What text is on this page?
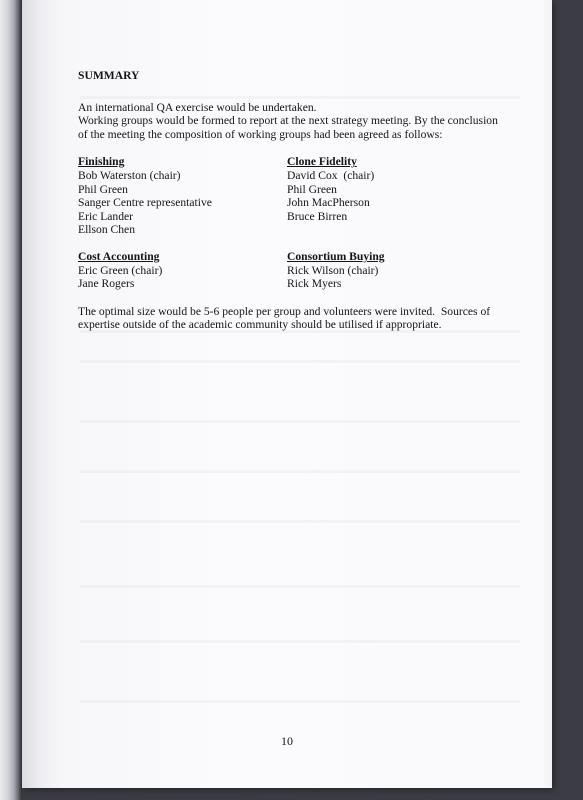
SUMMARY

An international QA exercise would be undertaken.
Working groups would be formed to report at the next strategy meeting. By the conclusion of the meeting the composition of working groups had been agreed as follows:

Finishing
Bob Waterston (chair)
Phil Green
Sanger Centre representative
Eric Lander
Ellson Chen
Clone Fidelity
David Cox  (chair)
Phil Green
John MacPherson
Bruce Birren
Cost Accounting
Eric Green (chair)
Jane Rogers
Consortium Buying
Rick Wilson (chair)
Rick Myers

The optimal size would be 5-6 people per group and volunteers were invited.  Sources of expertise outside of the academic community should be utilised if appropriate.

10
